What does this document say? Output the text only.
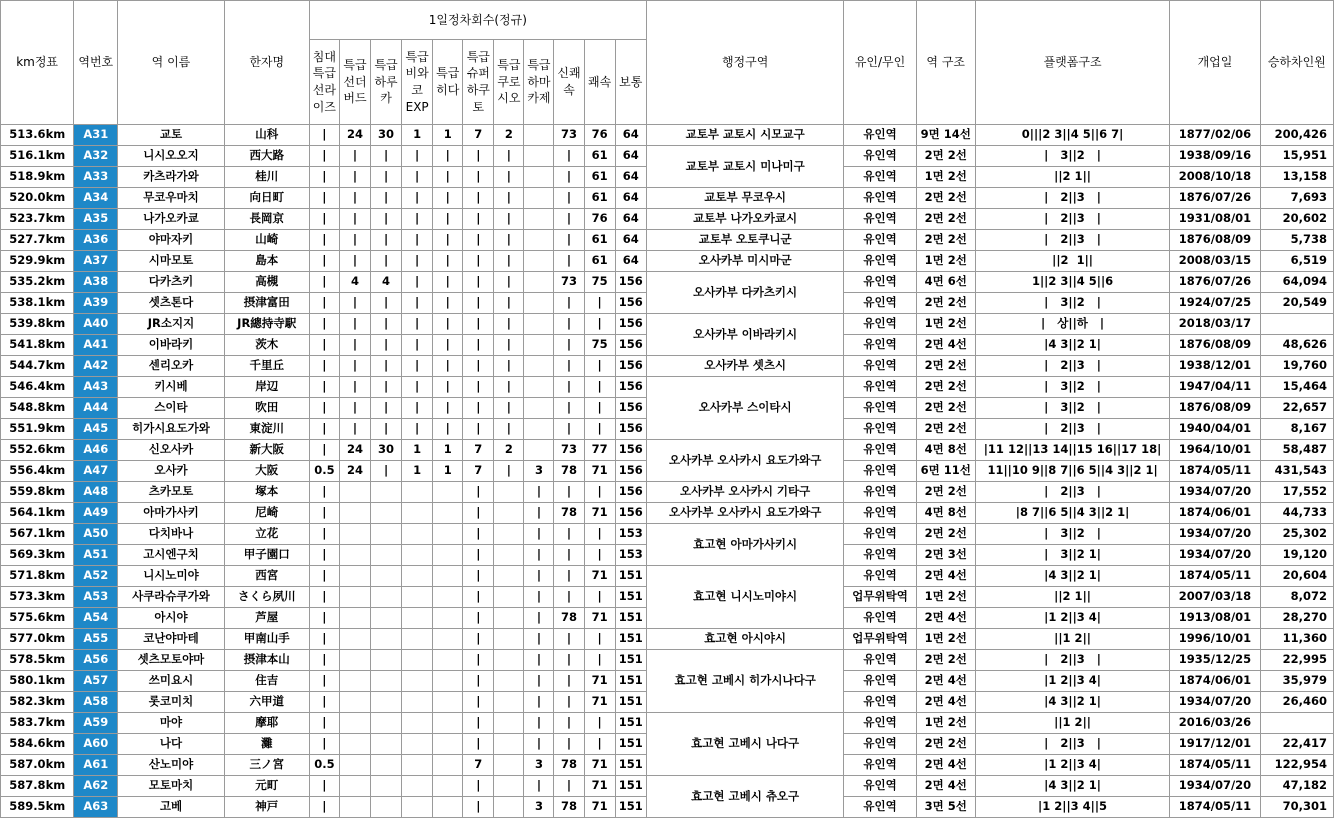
km정표	역번호	역 이름	한자명	1일정차회수(정규)											행정구역	유인/무인	역 구조	플랫폼구조	개업일	승하차인원
				침대특급선라이즈	특급선더버드	특급하루카	특급비와코EXP	특급히다	특급슈퍼하쿠토	특급쿠로시오	특급하마카제	신쾌속	쾌속	보통						
513.6km	A31	교토	山科	|	24	30	1	1	7	2		73	76	64	교토부 교토시 시모교구	유인역	9면 14선	0|||2 3||4 5||6 7|	1877/02/06	200,426
516.1km	A32	니시오오지	西大路	|	|	|	|	|	|	|		|	61	64	교토부 교토시 미나미구	유인역	2면 2선	|   3||2   |	1938/09/16	15,951
518.9km	A33	카츠라가와	桂川	|	|	|	|	|	|	|		|	61	64		유인역	1면 2선	||2 1||	2008/10/18	13,158
520.0km	A34	무코우마치	向日町	|	|	|	|	|	|	|		|	61	64	교토부 무코우시	유인역	2면 2선	|   2||3   |	1876/07/26	7,693
523.7km	A35	나가오카쿄	長岡京	|	|	|	|	|	|	|		|	76	64	교토부 나가오카쿄시	유인역	2면 2선	|   2||3   |	1931/08/01	20,602
527.7km	A36	야마자키	山崎	|	|	|	|	|	|	|		|	61	64	교토부 오토쿠니군	유인역	2면 2선	|   2||3   |	1876/08/09	5,738
529.9km	A37	시마모토	島本	|	|	|	|	|	|	|		|	61	64	오사카부 미시마군	유인역	1면 2선	||2  1||	2008/03/15	6,519
535.2km	A38	다카츠키	高槻	|	4	4	|	|	|	|		73	75	156	오사카부 다카츠키시	유인역	4면 6선	1||2 3||4 5||6	1876/07/26	64,094
538.1km	A39	셋츠톤다	摂津富田	|	|	|	|	|	|	|		|	|	156		유인역	2면 2선	|   3||2   |	1924/07/25	20,549
539.8km	A40	JR소지지	JR總持寺駅	|	|	|	|	|	|	|		|	|	156	오사카부 이바라키시	유인역	1면 2선	|   상||하   |	2018/03/17	
541.8km	A41	이바라키	茨木	|	|	|	|	|	|	|		|	75	156		유인역	2면 4선	|4 3||2 1|	1876/08/09	48,626
544.7km	A42	센리오카	千里丘	|	|	|	|	|	|	|		|	|	156	오사카부 셋츠시	유인역	2면 2선	|   2||3   |	1938/12/01	19,760
546.4km	A43	키시베	岸辺	|	|	|	|	|	|	|		|	|	156	오사카부 스이타시	유인역	2면 2선	|   3||2   |	1947/04/11	15,464
548.8km	A44	스이타	吹田	|	|	|	|	|	|	|		|	|	156		유인역	2면 2선	|   3||2   |	1876/08/09	22,657
551.9km	A45	히가시요도가와	東淀川	|	|	|	|	|	|	|		|	|	156		유인역	2면 2선	|   2||3   |	1940/04/01	8,167
552.6km	A46	신오사카	新大阪	|	24	30	1	1	7	2		73	77	156	오사카부 오사카시 요도가와구	유인역	4면 8선	|11 12||13 14||15 16||17 18|	1964/10/01	58,487
556.4km	A47	오사카	大阪	0.5	24	|	1	1	7	|	3	78	71	156		유인역	6면 11선	11||10 9||8 7||6 5||4 3||2 1|	1874/05/11	431,543
559.8km	A48	츠카모토	塚本	|					|		|	|	|	156	오사카부 오사카시 기타구	유인역	2면 2선	|   2||3   |	1934/07/20	17,552
564.1km	A49	아마가사키	尼崎	|					|		|	78	71	156	오사카부 오사카시 요도가와구	유인역	4면 8선	|8 7||6 5||4 3||2 1|	1874/06/01	44,733
567.1km	A50	다치바나	立花	|					|		|	|	|	153	효고현 아마가사키시	유인역	2면 2선	|   3||2   |	1934/07/20	25,302
569.3km	A51	고시엔구치	甲子園口	|					|		|	|	|	153		유인역	2면 3선	|   3||2 1|	1934/07/20	19,120
571.8km	A52	니시노미야	西宮	|					|		|	|	71	151	효고현 니시노미야시	유인역	2면 4선	|4 3||2 1|	1874/05/11	20,604
573.3km	A53	사쿠라슈쿠가와	さくら夙川	|					|		|	|	|	151		업무위탁역	1면 2선	||2 1||	2007/03/18	8,072
575.6km	A54	아시야	芦屋	|					|		|	78	71	151		유인역	2면 4선	|1 2||3 4|	1913/08/01	28,270
577.0km	A55	코난야마테	甲南山手	|					|		|	|	|	151	효고현 아시야시	업무위탁역	1면 2선	||1 2||	1996/10/01	11,360
578.5km	A56	셋츠모토야마	摂津本山	|					|		|	|	|	151	효고현 고베시 히가시나다구	유인역	2면 2선	|   2||3   |	1935/12/25	22,995
580.1km	A57	쓰미요시	住吉	|					|		|	|	71	151		유인역	2면 4선	|1 2||3 4|	1874/06/01	35,979
582.3km	A58	롯코미치	六甲道	|					|		|	|	71	151		유인역	2면 4선	|4 3||2 1|	1934/07/20	26,460
583.7km	A59	마야	摩耶	|					|		|	|	|	151	효고현 고베시 나다구	유인역	1면 2선	||1 2||	2016/03/26	
584.6km	A60	나다	灘	|					|		|	|	|	151		유인역	2면 2선	|   2||3   |	1917/12/01	22,417
587.0km	A61	산노미야	三ノ宮	0.5					7		3	78	71	151		유인역	2면 4선	|1 2||3 4|	1874/05/11	122,954
587.8km	A62	모토마치	元町	|					|		|	|	71	151	효고현 고베시 츄오구	유인역	2면 4선	|4 3||2 1|	1934/07/20	47,182
589.5km	A63	고베	神戸	|					|		3	78	71	151		유인역	3면 5선	|1 2||3 4||5	1874/05/11	70,301
